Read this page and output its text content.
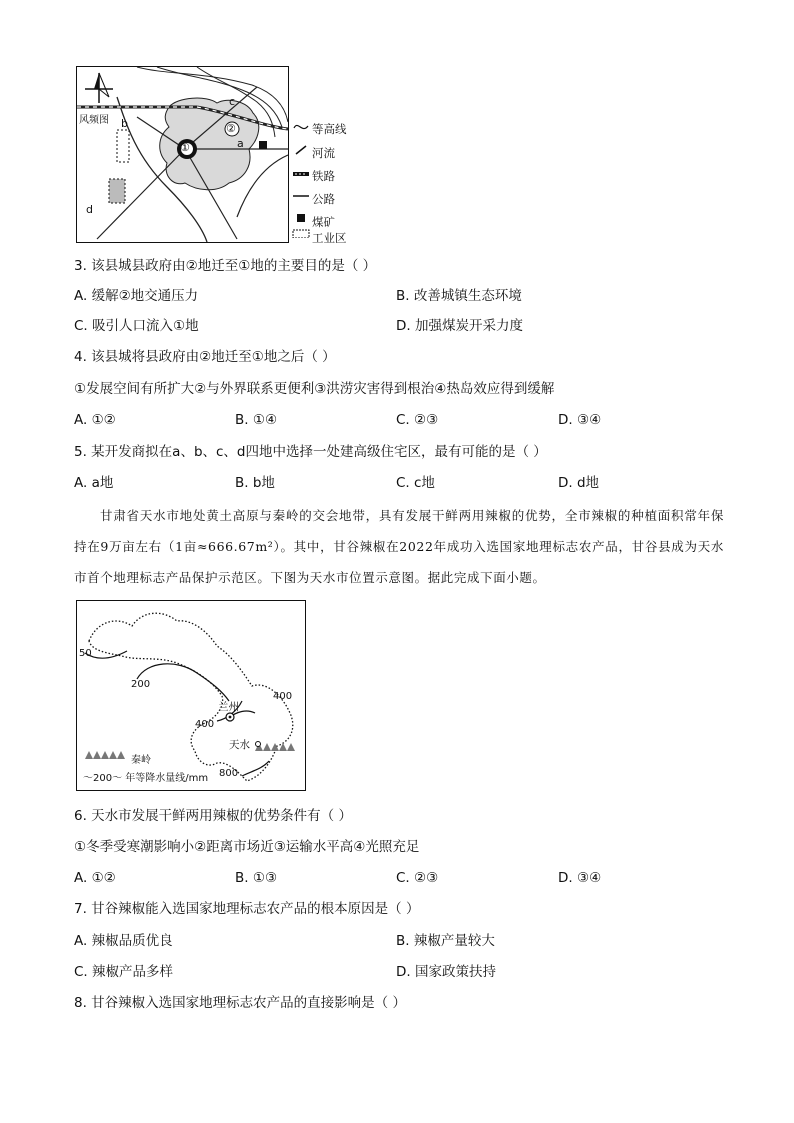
风频图
①
②
a
b
c
d
等高线
河流
铁路
公路
煤矿
工业区
3. 该县城县政府由②地迁至①地的主要目的是（ ）
A. 缓解②地交通压力	B. 改善城镇生态环境
C. 吸引人口流入①地	D. 加强煤炭开采力度
4. 该县城将县政府由②地迁至①地之后（ ）
①发展空间有所扩大②与外界联系更便利③洪涝灾害得到根治④热岛效应得到缓解
A. ①②	B. ①④	C. ②③	D. ③④
5. 某开发商拟在a、b、c、d四地中选择一处建高级住宅区，最有可能的是（ ）
A. a地	B. b地	C. c地	D. d地
甘肃省天水市地处黄土高原与秦岭的交会地带，具有发展干鲜两用辣椒的优势，全市辣椒的种植面积常年保持在9万亩左右（1亩≈666.67m²）。其中，甘谷辣椒在2022年成功入选国家地理标志农产品，甘谷县成为天水市首个地理标志产品保护示范区。下图为天水市位置示意图。据此完成下面小题。
50
200
400
400
800
兰州
天水
秦岭
～200～ 年等降水量线/mm
6. 天水市发展干鲜两用辣椒的优势条件有（ ）
①冬季受寒潮影响小②距离市场近③运输水平高④光照充足
A. ①②	B. ①③	C. ②③	D. ③④
7. 甘谷辣椒能入选国家地理标志农产品的根本原因是（ ）
A. 辣椒品质优良	B. 辣椒产量较大
C. 辣椒产品多样	D. 国家政策扶持
8. 甘谷辣椒入选国家地理标志农产品的直接影响是（ ）
